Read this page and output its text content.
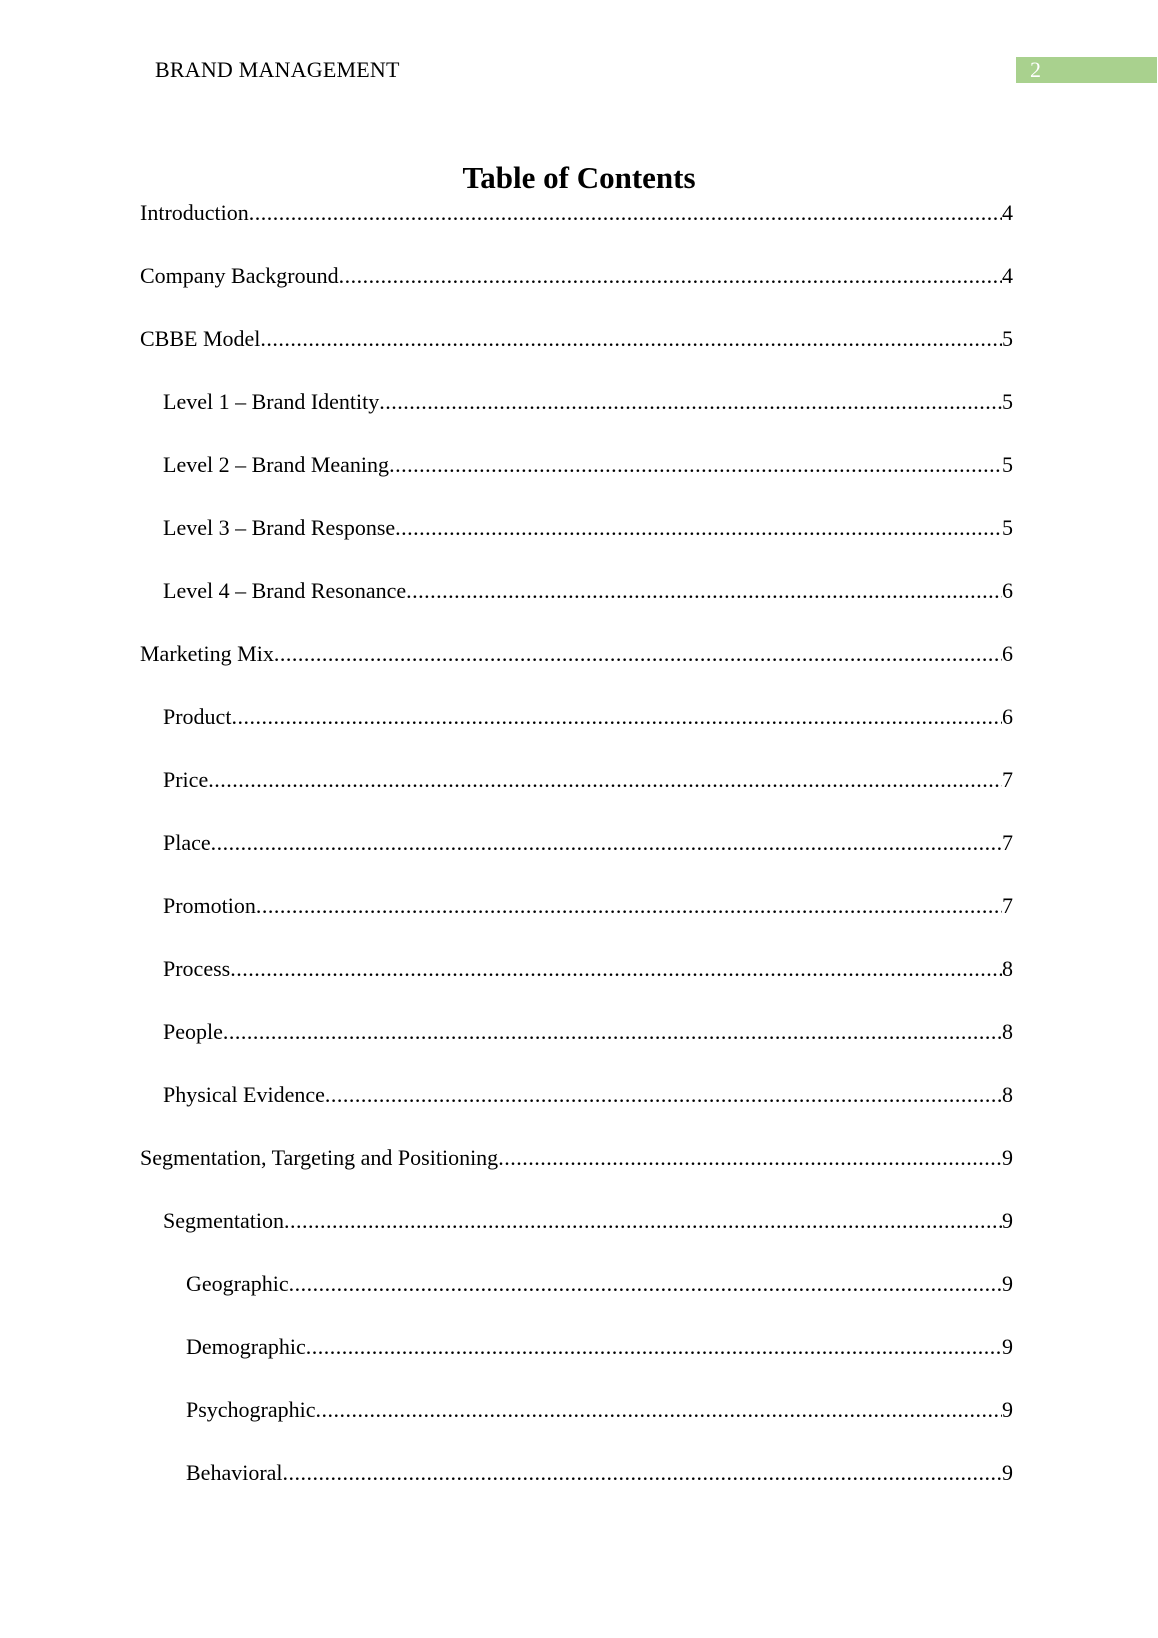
BRAND MANAGEMENT	2
Table of Contents
Introduction .....	4
Company Background .....	4
CBBE Model .....	5
Level 1 – Brand Identity .....	5
Level 2 – Brand Meaning .....	5
Level 3 – Brand Response .....	5
Level 4 – Brand Resonance .....	6
Marketing Mix .....	6
Product .....	6
Price .....	7
Place .....	7
Promotion .....	7
Process .....	8
People .....	8
Physical Evidence .....	8
Segmentation, Targeting and Positioning .....	9
Segmentation .....	9
Geographic .....	9
Demographic .....	9
Psychographic .....	9
Behavioral .....	9
